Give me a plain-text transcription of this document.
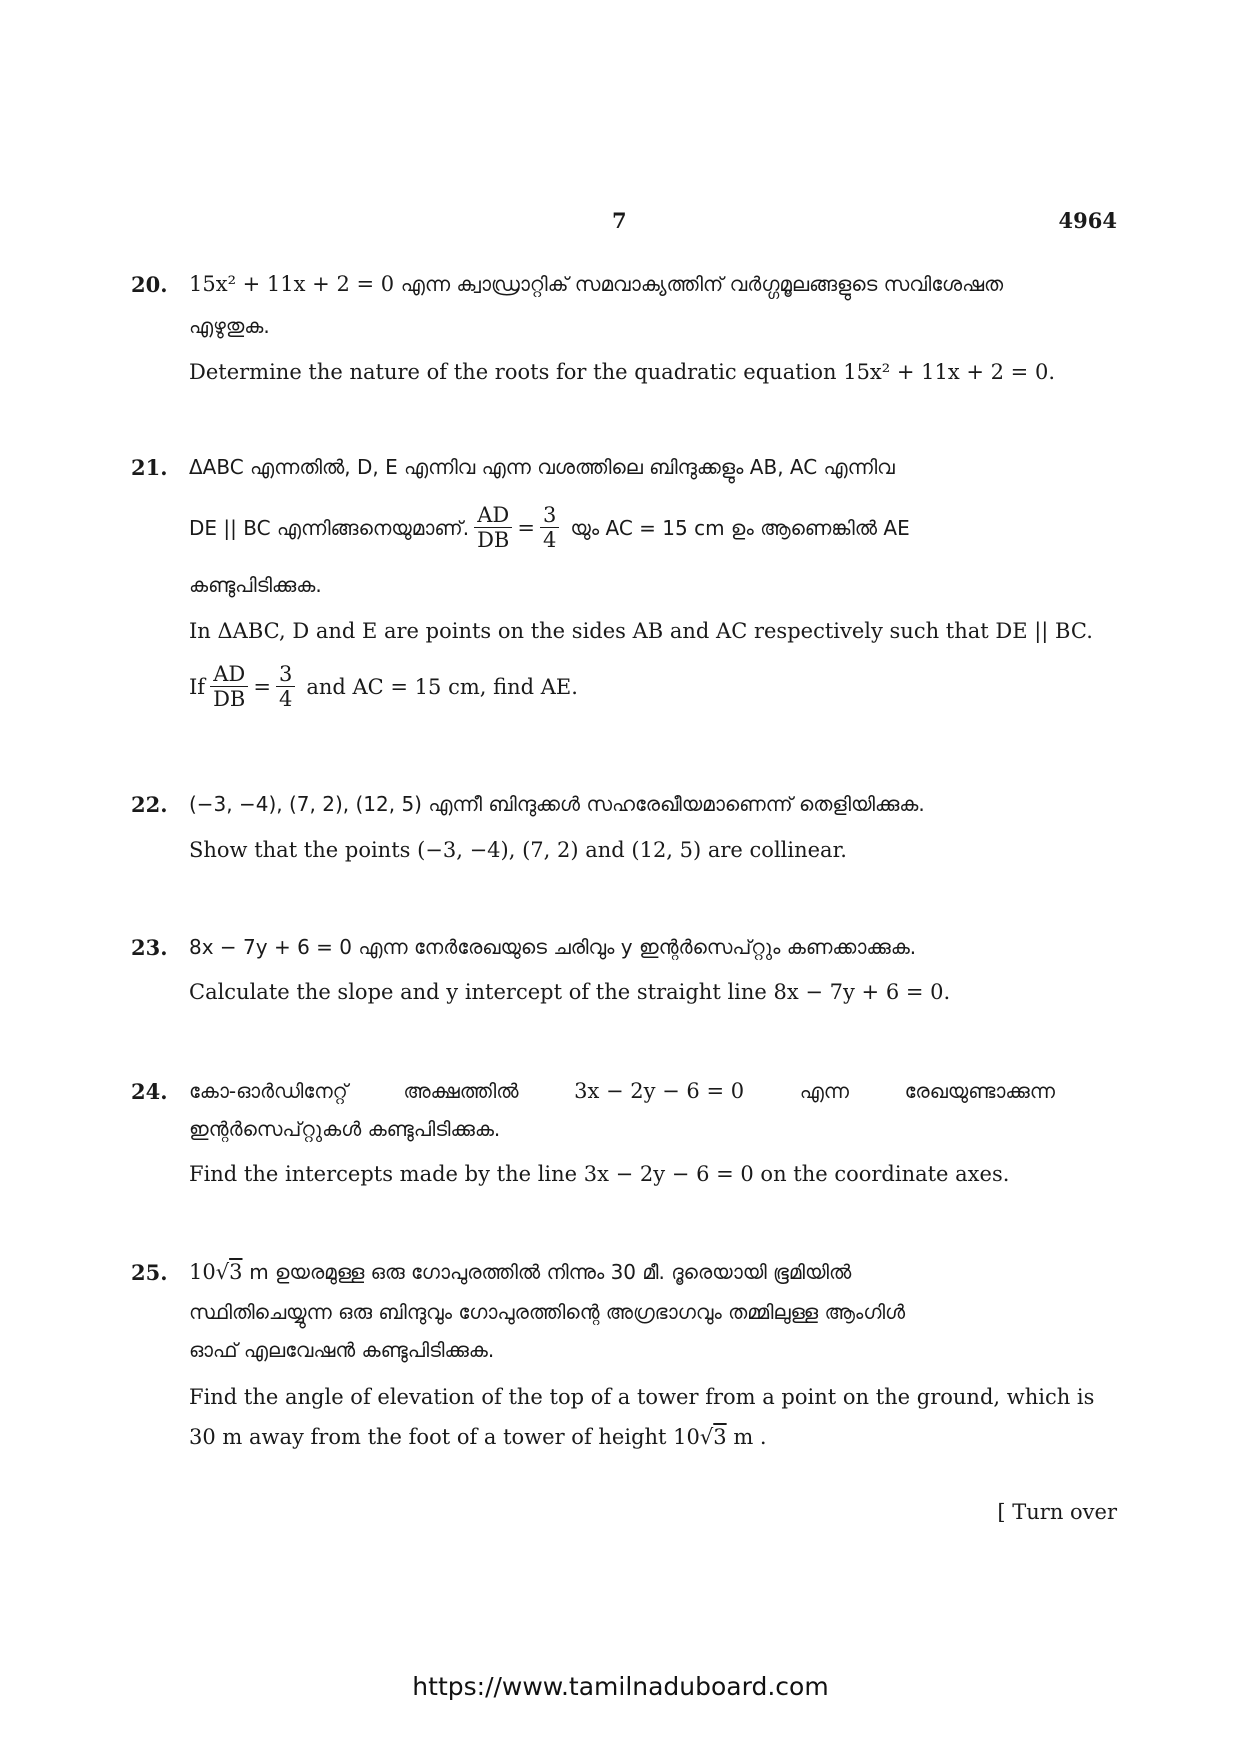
7	4964
20. 15x² + 11x + 2 = 0 എന്ന ക്വാഡ്രാറ്റിക് സമവാക്യത്തിന് വർഗ്ഗമൂലങ്ങളുടെ സവിശേഷത
എഴുതുക.
Determine the nature of the roots for the quadratic equation 15x² + 11x + 2 = 0.
21. ΔABC എന്നതിൽ, D, E എന്നിവ എന്ന വശത്തിലെ ബിന്ദുക്കളും AB, AC എന്നിവ
DE || BC എന്നിങ്ങനെയുമാണ്. $\frac{AD}{DB} = \frac{3}{4}$ യും AC = 15 cm ഉം ആണെങ്കിൽ AE
കണ്ടുപിടിക്കുക.
In ΔABC, D and E are points on the sides AB and AC respectively such that DE || BC.
If $\frac{AD}{DB} = \frac{3}{4}$ and AC = 15 cm, find AE.
22. (−3, −4), (7, 2), (12, 5) എന്നീ ബിന്ദുക്കൾ സഹരേഖീയമാണെന്ന് തെളിയിക്കുക.
Show that the points (−3, −4), (7, 2) and (12, 5) are collinear.
23. 8x − 7y + 6 = 0 എന്ന നേർരേഖയുടെ ചരിവും y ഇന്റർസെപ്റ്റും കണക്കാക്കുക.
Calculate the slope and y intercept of the straight line 8x − 7y + 6 = 0.
24. കോ-ഓർഡിനേറ്റ്	അക്ഷത്തിൽ	3x − 2y − 6 = 0	എന്ന	രേഖയുണ്ടാക്കുന്ന
ഇന്റർസെപ്റ്റുകൾ കണ്ടുപിടിക്കുക.
Find the intercepts made by the line 3x − 2y − 6 = 0 on the coordinate axes.
25. 10√3 m ഉയരമുള്ള ഒരു ഗോപുരത്തിൽ നിന്നും 30 മീ. ദൂരെയായി ഭൂമിയിൽ
സ്ഥിതിചെയ്യുന്ന ഒരു ബിന്ദുവും ഗോപുരത്തിന്റെ അഗ്രഭാഗവും തമ്മിലുള്ള ആംഗിൾ
ഓഫ് എലവേഷൻ കണ്ടുപിടിക്കുക.
Find the angle of elevation of the top of a tower from a point on the ground, which is
30 m away from the foot of a tower of height 10√3 m .
[ Turn over
https://www.tamilnaduboard.com
